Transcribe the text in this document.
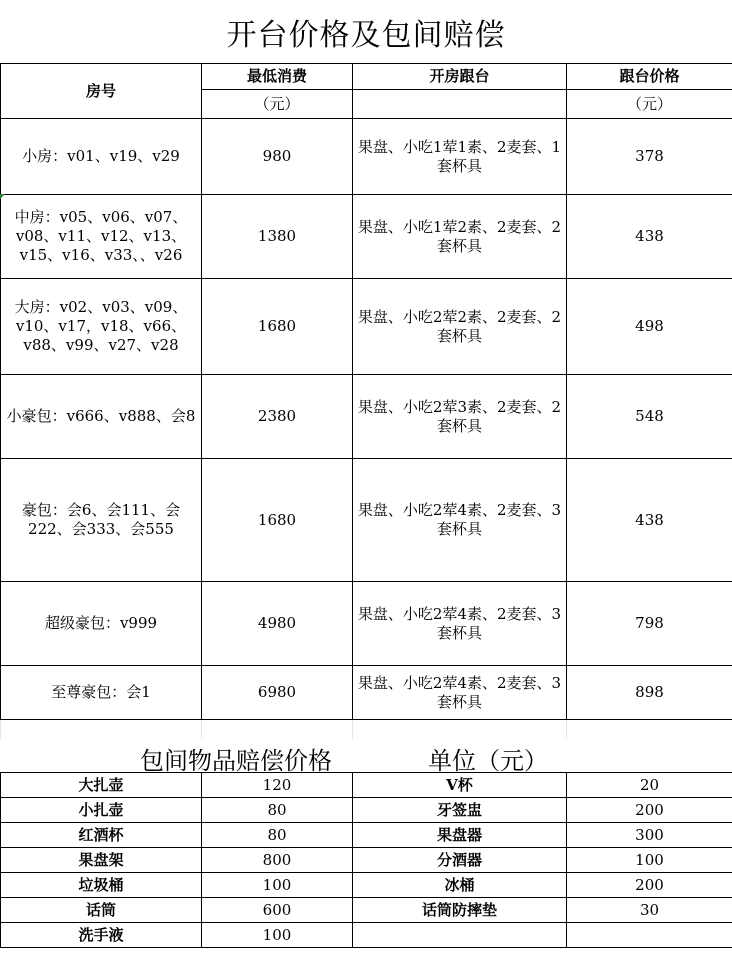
开台价格及包间赔偿
房号	最低消费	开房跟台	跟台价格
	（元）		（元）
小房：v01、v19、v29	980	果盘、小吃1荤1素、2麦套、1套杯具	378
中房：v05、v06、v07、v08、v11、v12、v13、v15、v16、v33、、v26	1380	果盘、小吃1荤2素、2麦套、2套杯具	438
大房：v02、v03、v09、v10、v17，v18、v66、v88、v99、v27、v28	1680	果盘、小吃2荤2素、2麦套、2套杯具	498
小豪包：v666、v888、会8	2380	果盘、小吃2荤3素、2麦套、2套杯具	548
豪包：会6、会111、会222、会333、会555	1680	果盘、小吃2荤4素、2麦套、3套杯具	438
超级豪包：v999	4980	果盘、小吃2荤4素、2麦套、3套杯具	798
至尊豪包：会1	6980	果盘、小吃2荤4素、2麦套、3套杯具	898

包间物品赔偿价格	单位（元）
大扎壶	120	V杯	20
小扎壶	80	牙签盅	200
红酒杯	80	果盘器	300
果盘架	800	分酒器	100
垃圾桶	100	冰桶	200
话筒	600	话筒防摔垫	30
洗手液	100		
